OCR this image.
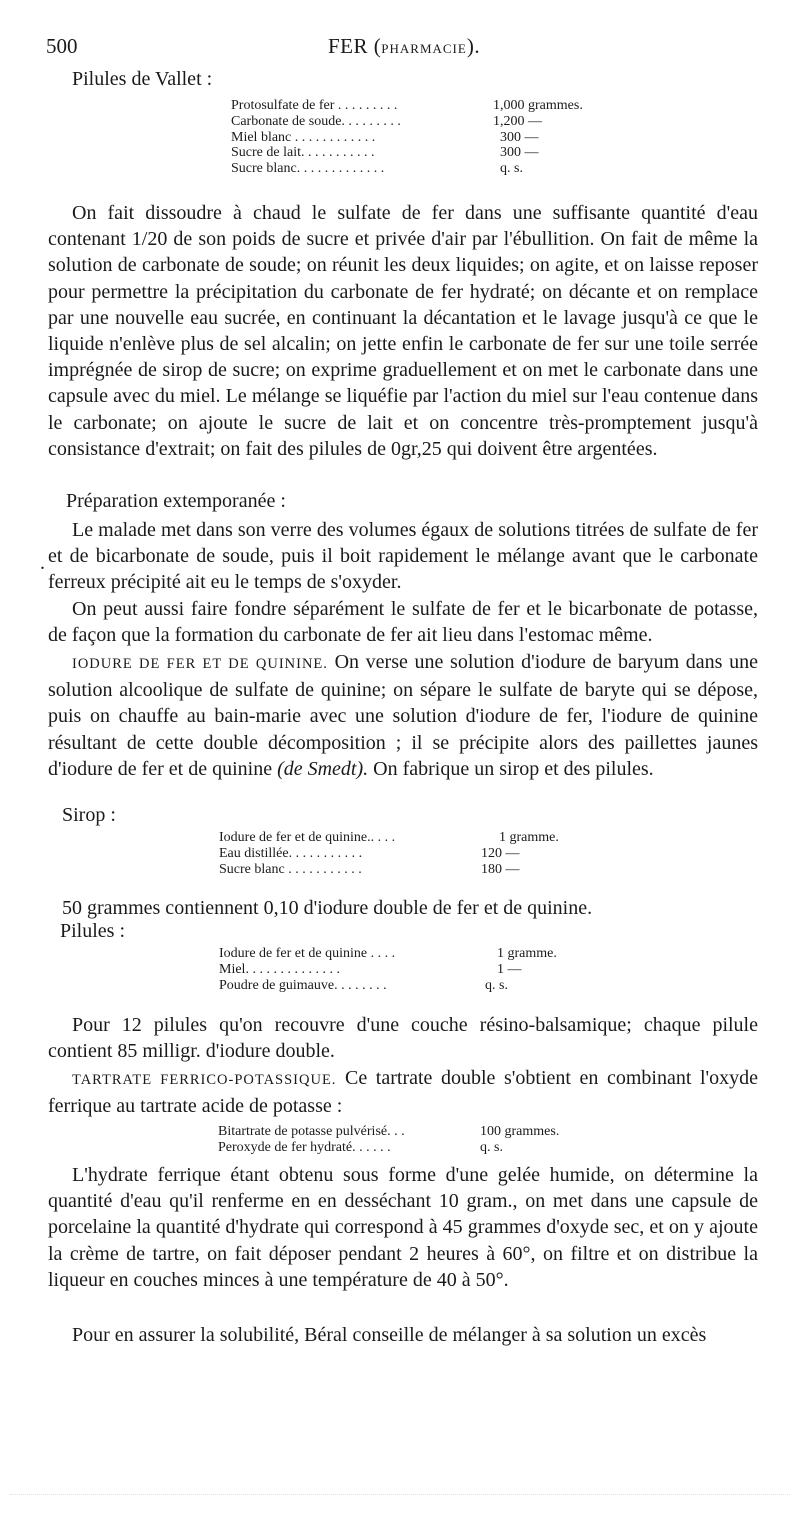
500	FER (PHARMACIE).
Pilules de Vallet :
Protosulfate de fer . . . . . . . . .	1,000 grammes.
Carbonate de soude. . . . . . . . .	1,200 —
Miel blanc . . . . . . . . . . . .	300 —
Sucre de lait. . . . . . . . . . .	300 —
Sucre blanc. . . . . . . . . . . . .	q. s.

On fait dissoudre à chaud le sulfate de fer dans une suffisante quantité d'eau contenant 1/20 de son poids de sucre et privée d'air par l'ébullition. On fait de même la solution de carbonate de soude; on réunit les deux liquides; on agite, et on laisse reposer pour permettre la précipitation du carbonate de fer hydraté; on décante et on remplace par une nouvelle eau sucrée, en continuant la décantation et le lavage jusqu'à ce que le liquide n'enlève plus de sel alcalin; on jette enfin le carbonate de fer sur une toile serrée imprégnée de sirop de sucre; on exprime graduellement et on met le carbonate dans une capsule avec du miel. Le mélange se liquéfie par l'action du miel sur l'eau contenue dans le carbonate; on ajoute le sucre de lait et on concentre très-promptement jusqu'à consistance d'extrait; on fait des pilules de 0gr,25 qui doivent être argentées.

Préparation extemporanée :

Le malade met dans son verre des volumes égaux de solutions titrées de sulfate de fer et de bicarbonate de soude, puis il boit rapidement le mélange avant que le carbonate ferreux précipité ait eu le temps de s'oxyder.

.

On peut aussi faire fondre séparément le sulfate de fer et le bicarbonate de potasse, de façon que la formation du carbonate de fer ait lieu dans l'estomac même.

IODURE DE FER ET DE QUININE. On verse une solution d'iodure de baryum dans une solution alcoolique de sulfate de quinine; on sépare le sulfate de baryte qui se dépose, puis on chauffe au bain-marie avec une solution d'iodure de fer, l'iodure de quinine résultant de cette double décomposition ; il se précipite alors des paillettes jaunes d'iodure de fer et de quinine (de Smedt). On fabrique un sirop et des pilules.

Sirop :
Iodure de fer et de quinine.. . . .	1 gramme.
Eau distillée. . . . . . . . . . .	120 —
Sucre blanc . . . . . . . . . . .	180 —

50 grammes contiennent 0,10 d'iodure double de fer et de quinine.

Pilules :
Iodure de fer et de quinine . . . .	1 gramme.
Miel. . . . . . . . . . . . . .	1 —
Poudre de guimauve. . . . . . . .	q. s.

Pour 12 pilules qu'on recouvre d'une couche résino-balsamique; chaque pilule contient 85 milligr. d'iodure double.

TARTRATE FERRICO-POTASSIQUE. Ce tartrate double s'obtient en combinant l'oxyde ferrique au tartrate acide de potasse :

Bitartrate de potasse pulvérisé. . .	100 grammes.
Peroxyde de fer hydraté. . . . . .	q. s.

L'hydrate ferrique étant obtenu sous forme d'une gelée humide, on détermine la quantité d'eau qu'il renferme en en desséchant 10 gram., on met dans une capsule de porcelaine la quantité d'hydrate qui correspond à 45 grammes d'oxyde sec, et on y ajoute la crème de tartre, on fait déposer pendant 2 heures à 60°, on filtre et on distribue la liqueur en couches minces à une température de 40 à 50°.

Pour en assurer la solubilité, Béral conseille de mélanger à sa solution un excès
